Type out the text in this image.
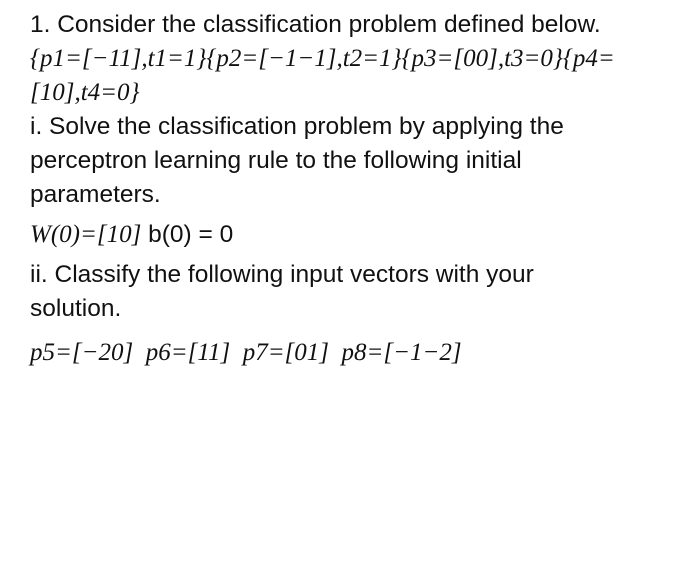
1. Consider the classification problem defined below.
{p1=[−11],t1=1}{p2=[−1−1],t2=1}{p3=[00],t3=0}{p4=
[10],t4=0}
i. Solve the classification problem by applying the
perceptron learning rule to the following initial
parameters.
W(0)=[10] b(0) = 0
ii. Classify the following input vectors with your
solution.
p5=[−20] p6=[11] p7=[01] p8=[−1−2]
